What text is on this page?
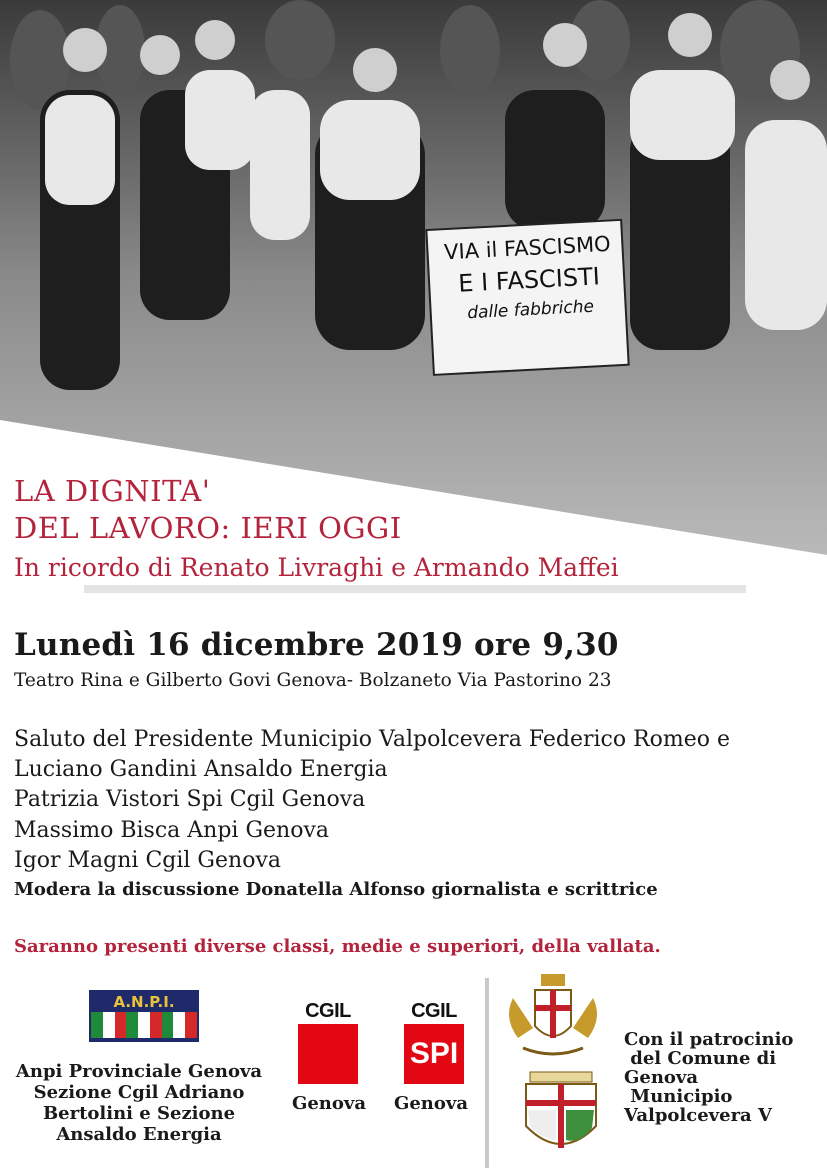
VIA il FASCISMO
E I FASCISTI
dalle fabbriche
LA DIGNITA'
DEL LAVORO: IERI OGGI
In ricordo di Renato Livraghi e Armando Maffei
Lunedì 16 dicembre 2019 ore 9,30
Teatro Rina e Gilberto Govi Genova- Bolzaneto Via Pastorino 23
Saluto del Presidente Municipio Valpolcevera Federico Romeo e
Luciano Gandini Ansaldo Energia
Patrizia Vistori Spi Cgil Genova
Massimo Bisca Anpi Genova
Igor Magni Cgil Genova
Modera la discussione Donatella Alfonso giornalista e scrittrice
Saranno presenti diverse classi, medie e superiori, della vallata.
A.N.P.I.
Anpi Provinciale Genova
Sezione Cgil Adriano
Bertolini e Sezione
Ansaldo Energia
CGIL
Genova
CGIL
SPI
Genova
Con il patrocinio
del Comune di
Genova
Municipio
Valpolcevera V
